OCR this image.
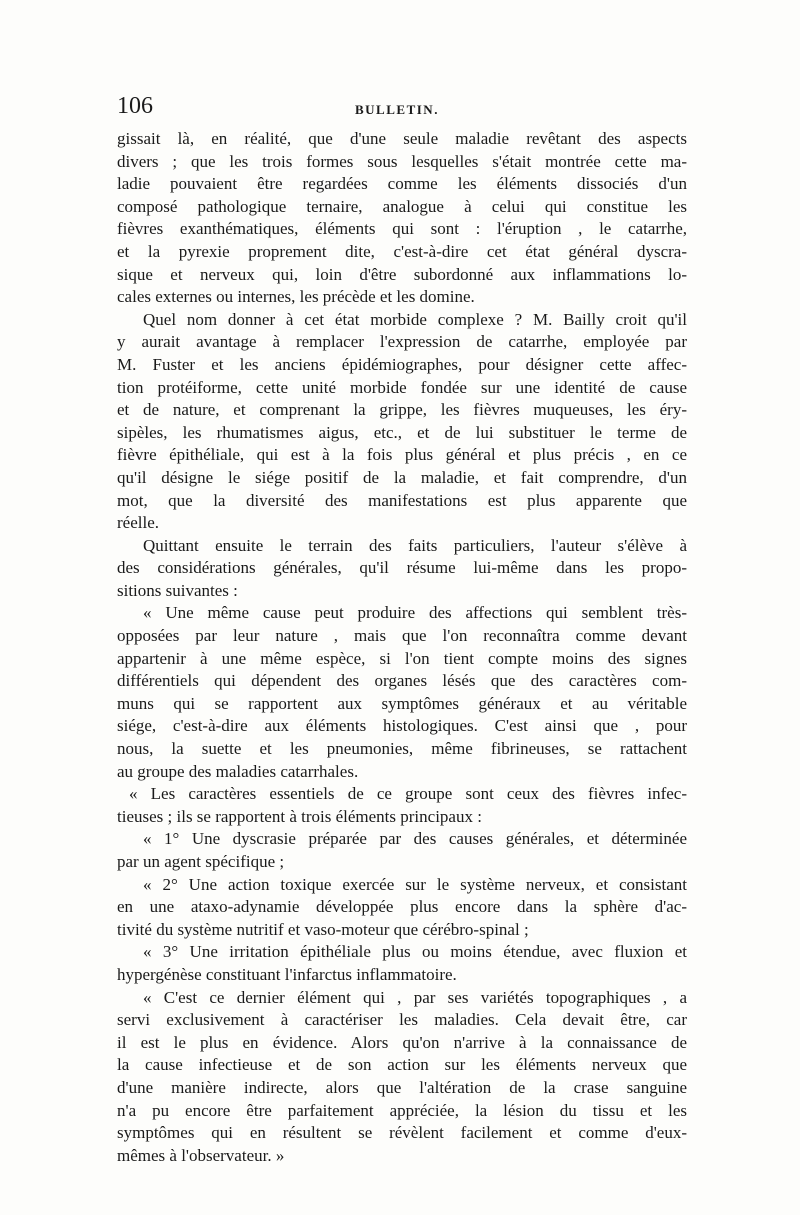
106	BULLETIN.
gissait là, en réalité, que d'une seule maladie revêtant des aspects
divers ; que les trois formes sous lesquelles s'était montrée cette ma-
ladie pouvaient être regardées comme les éléments dissociés d'un
composé pathologique ternaire, analogue à celui qui constitue les
fièvres exanthématiques, éléments qui sont : l'éruption , le catarrhe,
et la pyrexie proprement dite, c'est-à-dire cet état général dyscra-
sique et nerveux qui, loin d'être subordonné aux inflammations lo-
cales externes ou internes, les précède et les domine.
Quel nom donner à cet état morbide complexe ? M. Bailly croit qu'il
y aurait avantage à remplacer l'expression de catarrhe, employée par
M. Fuster et les anciens épidémiographes, pour désigner cette affec-
tion protéiforme, cette unité morbide fondée sur une identité de cause
et de nature, et comprenant la grippe, les fièvres muqueuses, les éry-
sipèles, les rhumatismes aigus, etc., et de lui substituer le terme de
fièvre épithéliale, qui est à la fois plus général et plus précis , en ce
qu'il désigne le siége positif de la maladie, et fait comprendre, d'un
mot, que la diversité des manifestations est plus apparente que
réelle.
Quittant ensuite le terrain des faits particuliers, l'auteur s'élève à
des considérations générales, qu'il résume lui-même dans les propo-
sitions suivantes :
« Une même cause peut produire des affections qui semblent très-
opposées par leur nature , mais que l'on reconnaîtra comme devant
appartenir à une même espèce, si l'on tient compte moins des signes
différentiels qui dépendent des organes lésés que des caractères com-
muns qui se rapportent aux symptômes généraux et au véritable
siége, c'est-à-dire aux éléments histologiques. C'est ainsi que , pour
nous, la suette et les pneumonies, même fibrineuses, se rattachent
au groupe des maladies catarrhales.
« Les caractères essentiels de ce groupe sont ceux des fièvres infec-
tieuses ; ils se rapportent à trois éléments principaux :
« 1° Une dyscrasie préparée par des causes générales, et déterminée
par un agent spécifique ;
« 2° Une action toxique exercée sur le système nerveux, et consistant
en une ataxo-adynamie développée plus encore dans la sphère d'ac-
tivité du système nutritif et vaso-moteur que cérébro-spinal ;
« 3° Une irritation épithéliale plus ou moins étendue, avec fluxion et
hypergénèse constituant l'infarctus inflammatoire.
« C'est ce dernier élément qui , par ses variétés topographiques , a
servi exclusivement à caractériser les maladies. Cela devait être, car
il est le plus en évidence. Alors qu'on n'arrive à la connaissance de
la cause infectieuse et de son action sur les éléments nerveux que
d'une manière indirecte, alors que l'altération de la crase sanguine
n'a pu encore être parfaitement appréciée, la lésion du tissu et les
symptômes qui en résultent se révèlent facilement et comme d'eux-
mêmes à l'observateur. »
